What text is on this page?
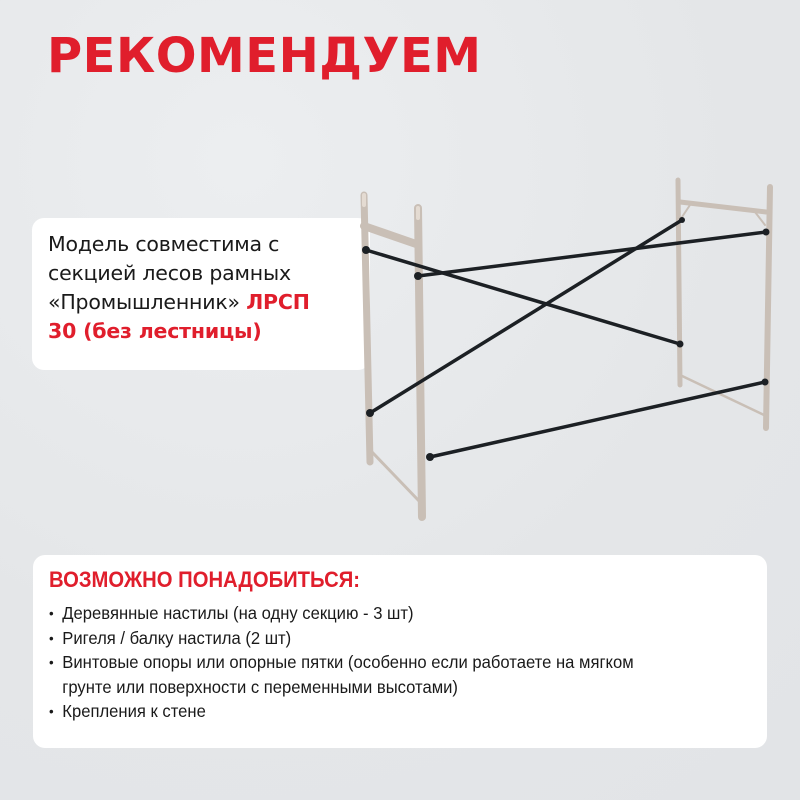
РЕКОМЕНДУЕМ
Модель совместима с
секцией лесов рамных
«Промышленник» ЛРСП
30 (без лестницы)
ВОЗМОЖНО ПОНАДОБИТЬСЯ:
• Деревянные настилы (на одну секцию - 3 шт)
• Ригеля / балку настила (2 шт)
• Винтовые опоры или опорные пятки (особенно если работаете на мягком грунте или поверхности с переменными высотами)
• Крепления к стене
